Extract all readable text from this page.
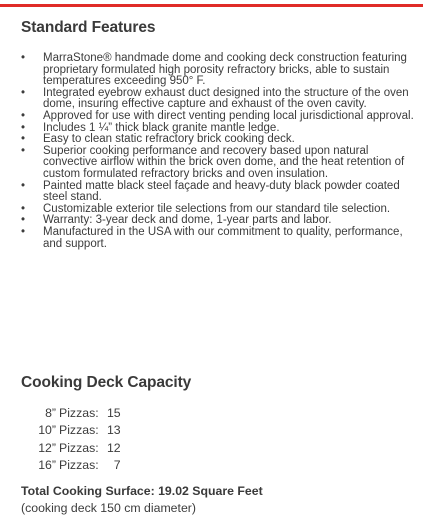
Standard Features
• MarraStone® handmade dome and cooking deck construction featuring proprietary formulated high porosity refractory bricks, able to sustain temperatures exceeding 950° F.
• Integrated eyebrow exhaust duct designed into the structure of the oven dome, insuring effective capture and exhaust of the oven cavity.
• Approved for use with direct venting pending local jurisdictional approval.
• Includes 1 ¼” thick black granite mantle ledge.
• Easy to clean static refractory brick cooking deck.
• Superior cooking performance and recovery based upon natural convective airflow within the brick oven dome, and the heat retention of custom formulated refractory bricks and oven insulation.
• Painted matte black steel façade and heavy-duty black powder coated steel stand.
• Customizable exterior tile selections from our standard tile selection.
• Warranty: 3-year deck and dome, 1-year parts and labor.
• Manufactured in the USA with our commitment to quality, performance, and support.
Cooking Deck Capacity
8” Pizzas: 15
10” Pizzas: 13
12” Pizzas: 12
16” Pizzas:	7
Total Cooking Surface: 19.02 Square Feet
(cooking deck 150 cm diameter)
